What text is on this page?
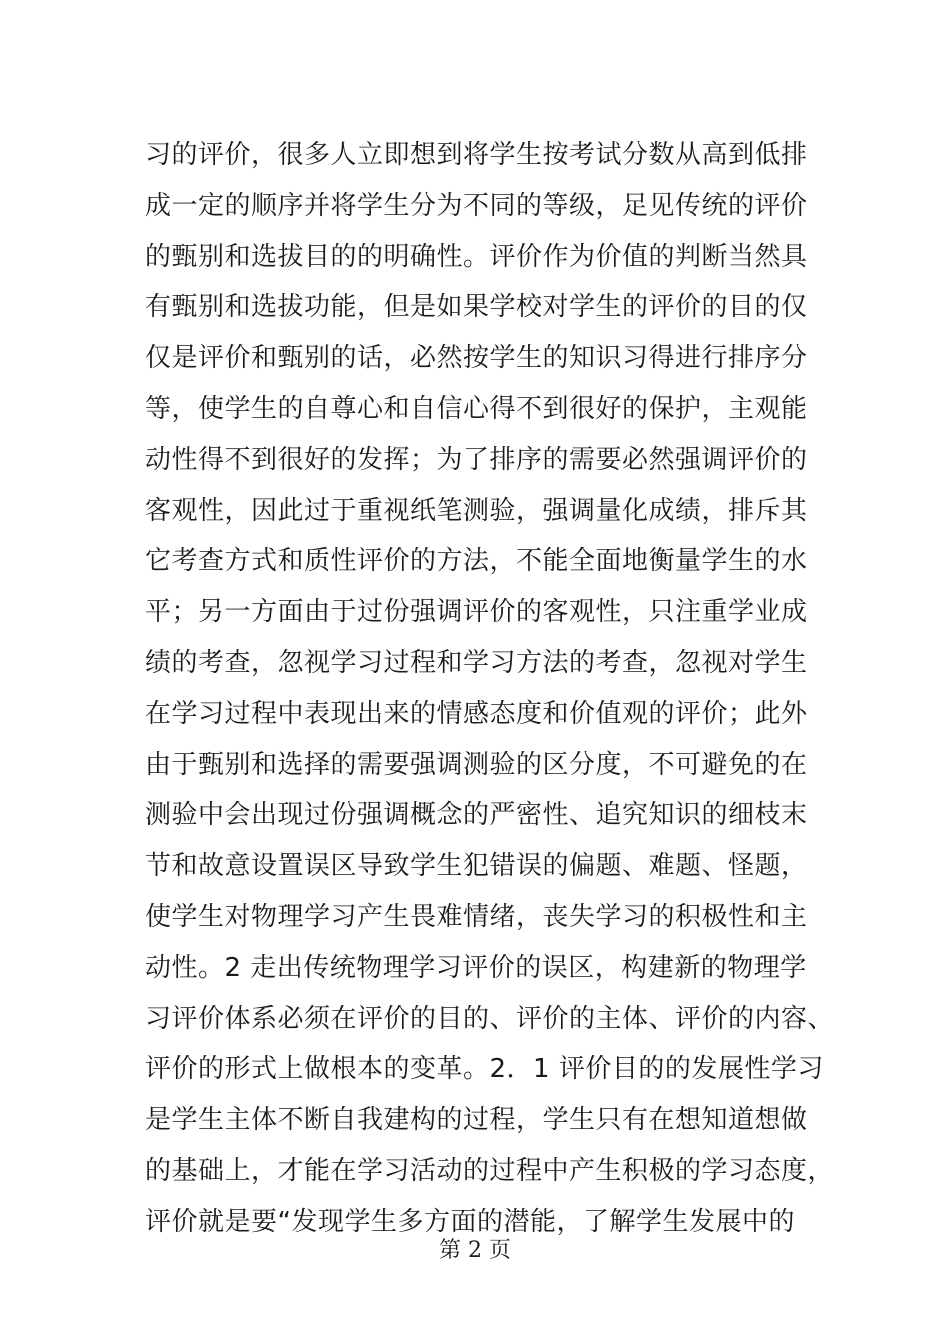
习的评价，很多人立即想到将学生按考试分数从高到低排
成一定的顺序并将学生分为不同的等级，足见传统的评价
的甄别和选拔目的的明确性。评价作为价值的判断当然具
有甄别和选拔功能，但是如果学校对学生的评价的目的仅
仅是评价和甄别的话，必然按学生的知识习得进行排序分
等，使学生的自尊心和自信心得不到很好的保护，主观能
动性得不到很好的发挥；为了排序的需要必然强调评价的
客观性，因此过于重视纸笔测验，强调量化成绩，排斥其
它考查方式和质性评价的方法，不能全面地衡量学生的水
平；另一方面由于过份强调评价的客观性，只注重学业成
绩的考查，忽视学习过程和学习方法的考查，忽视对学生
在学习过程中表现出来的情感态度和价值观的评价；此外
由于甄别和选择的需要强调测验的区分度，不可避免的在
测验中会出现过份强调概念的严密性、追究知识的细枝末
节和故意设置误区导致学生犯错误的偏题、难题、怪题，
使学生对物理学习产生畏难情绪，丧失学习的积极性和主
动性。2 走出传统物理学习评价的误区，构建新的物理学
习评价体系必须在评价的目的、评价的主体、评价的内容、
评价的形式上做根本的变革。2．1 评价目的的发展性学习
是学生主体不断自我建构的过程，学生只有在想知道想做
的基础上，才能在学习活动的过程中产生积极的学习态度，
评价就是要“发现学生多方面的潜能，了解学生发展中的
第 2 页
